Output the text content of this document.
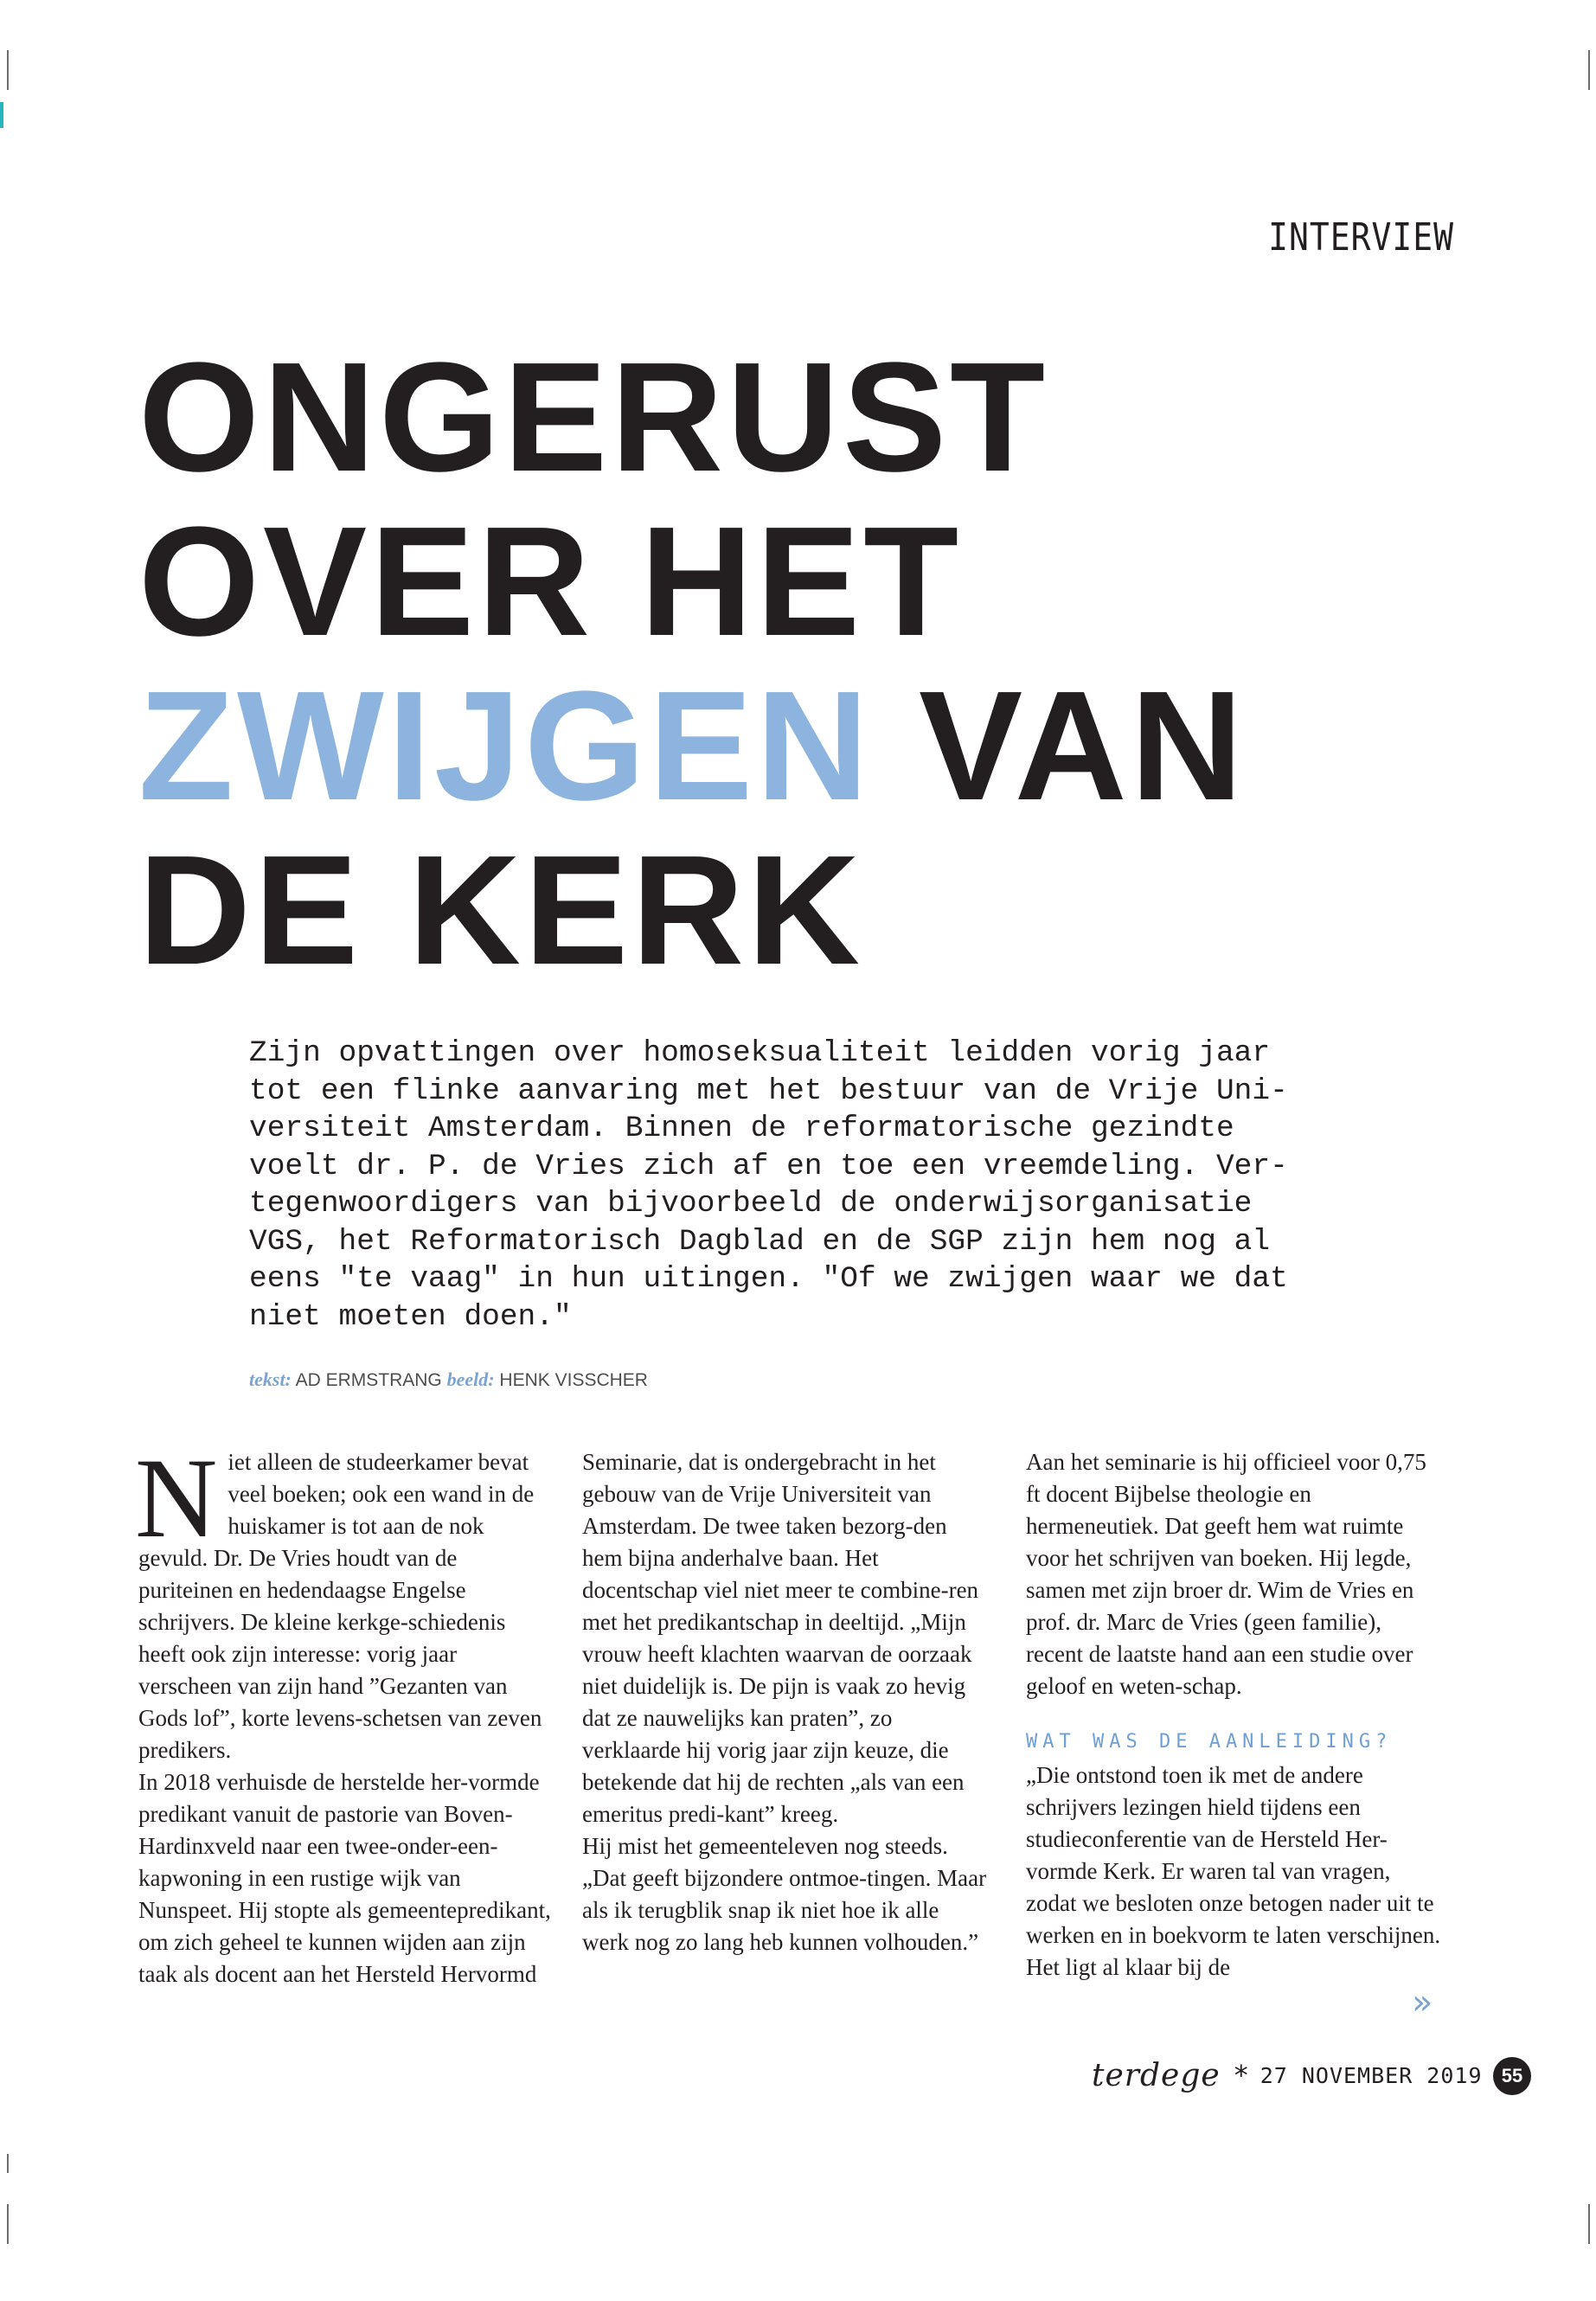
INTERVIEW
ONGERUST
OVER HET
ZWIJGEN VAN
DE KERK

Zijn opvattingen over homoseksualiteit leidden vorig jaar
tot een flinke aanvaring met het bestuur van de Vrije Uni-
versiteit Amsterdam. Binnen de reformatorische gezindte
voelt dr. P. de Vries zich af en toe een vreemdeling. Ver-
tegenwoordigers van bijvoorbeeld de onderwijsorganisatie
VGS, het Reformatorisch Dagblad en de SGP zijn hem nog al
eens "te vaag" in hun uitingen. "Of we zwijgen waar we dat
niet moeten doen."

tekst: AD ERMSTRANG beeld: HENK VISSCHER

Niet alleen de studeerkamer bevat veel boeken; ook een wand in de huiskamer is tot aan de nok gevuld. Dr. De Vries houdt van de puriteinen en hedendaagse Engelse schrijvers. De kleine kerkge-schiedenis heeft ook zijn interesse: vorig jaar verscheen van zijn hand ”Gezanten van Gods lof”, korte levens-schetsen van zeven predikers.

In 2018 verhuisde de herstelde her-vormde predikant vanuit de pastorie van Boven-Hardinxveld naar een twee-onder-een-kapwoning in een rustige wijk van Nunspeet. Hij stopte als gemeentepredikant, om zich geheel te kunnen wijden aan zijn taak als docent aan het Hersteld Hervormd

Seminarie, dat is ondergebracht in het gebouw van de Vrije Universiteit van Amsterdam. De twee taken bezorg-den hem bijna anderhalve baan. Het docentschap viel niet meer te combine-ren met het predikantschap in deeltijd. „Mijn vrouw heeft klachten waarvan de oorzaak niet duidelijk is. De pijn is vaak zo hevig dat ze nauwelijks kan praten”, zo verklaarde hij vorig jaar zijn keuze, die betekende dat hij de rechten „als van een emeritus predi-kant” kreeg.

Hij mist het gemeenteleven nog steeds. „Dat geeft bijzondere ontmoe-tingen. Maar als ik terugblik snap ik niet hoe ik alle werk nog zo lang heb kunnen volhouden.”

Aan het seminarie is hij officieel voor 0,75 ft docent Bijbelse theologie en hermeneutiek. Dat geeft hem wat ruimte voor het schrijven van boeken. Hij legde, samen met zijn broer dr. Wim de Vries en prof. dr. Marc de Vries (geen familie), recent de laatste hand aan een studie over geloof en weten-schap.

WAT WAS DE AANLEIDING?

„Die ontstond toen ik met de andere schrijvers lezingen hield tijdens een studieconferentie van de Hersteld Her-vormde Kerk. Er waren tal van vragen, zodat we besloten onze betogen nader uit te werken en in boekvorm te laten verschijnen. Het ligt al klaar bij de

»
terdege * 27 NOVEMBER 2019	55
